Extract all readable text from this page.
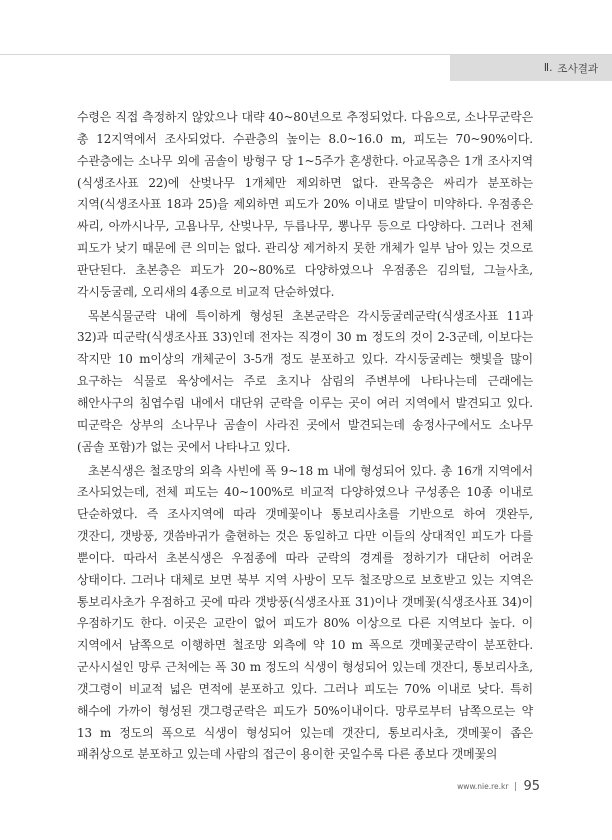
Ⅱ. 조사결과
수령은 직접 측정하지 않았으나 대략 40~80년으로 추정되었다. 다음으로, 소나무군락은
총 12지역에서 조사되었다. 수관층의 높이는 8.0~16.0 m, 피도는 70~90%이다.
수관층에는 소나무 외에 곰솔이 방형구 당 1~5주가 혼생한다. 아교목층은 1개 조사지역
(식생조사표 22)에 산벚나무 1개체만 제외하면 없다. 관목층은 싸리가 분포하는
지역(식생조사표 18과 25)을 제외하면 피도가 20% 이내로 발달이 미약하다. 우점종은
싸리, 아까시나무, 고욤나무, 산벚나무, 두릅나무, 뽕나무 등으로 다양하다. 그러나 전체
피도가 낮기 때문에 큰 의미는 없다. 관리상 제거하지 못한 개체가 일부 남아 있는 것으로
판단된다. 초본층은 피도가 20~80%로 다양하였으나 우점종은 김의털, 그늘사초,
각시둥굴레, 오리새의 4종으로 비교적 단순하였다.
목본식물군락 내에 특이하게 형성된 초본군락은 각시둥굴레군락(식생조사표 11과
32)과 띠군락(식생조사표 33)인데 전자는 직경이 30 m 정도의 것이 2-3군데, 이보다는
작지만 10 m이상의 개체군이 3-5개 정도 분포하고 있다. 각시둥굴레는 햇빛을 많이
요구하는 식물로 육상에서는 주로 초지나 삼림의 주변부에 나타나는데 근래에는
해안사구의 침엽수림 내에서 대단위 군락을 이루는 곳이 여러 지역에서 발견되고 있다.
띠군락은 상부의 소나무나 곰솔이 사라진 곳에서 발견되는데 송정사구에서도 소나무
(곰솔 포함)가 없는 곳에서 나타나고 있다.
초본식생은 철조망의 외측 사빈에 폭 9~18 m 내에 형성되어 있다. 총 16개 지역에서
조사되었는데, 전체 피도는 40~100%로 비교적 다양하였으나 구성종은 10종 이내로
단순하였다. 즉 조사지역에 따라 갯메꽃이나 통보리사초를 기반으로 하여 갯완두,
갯잔디, 갯방풍, 갯씀바귀가 출현하는 것은 동일하고 다만 이들의 상대적인 피도가 다를
뿐이다. 따라서 초본식생은 우점종에 따라 군락의 경계를 정하기가 대단히 어려운
상태이다. 그러나 대체로 보면 북부 지역 사방이 모두 철조망으로 보호받고 있는 지역은
통보리사초가 우점하고 곳에 따라 갯방풍(식생조사표 31)이나 갯메꽃(식생조사표 34)이
우점하기도 한다. 이곳은 교란이 없어 피도가 80% 이상으로 다른 지역보다 높다. 이
지역에서 남쪽으로 이행하면 철조망 외측에 약 10 m 폭으로 갯메꽃군락이 분포한다.
군사시설인 망루 근처에는 폭 30 m 정도의 식생이 형성되어 있는데 갯잔디, 통보리사초,
갯그령이 비교적 넓은 면적에 분포하고 있다. 그러나 피도는 70% 이내로 낮다. 특히
해수에 가까이 형성된 갯그령군락은 피도가 50%이내이다. 망루로부터 남쪽으로는 약
13 m 정도의 폭으로 식생이 형성되어 있는데 갯잔디, 통보리사초, 갯메꽃이 좁은
패취상으로 분포하고 있는데 사람의 접근이 용이한 곳일수록 다른 종보다 갯메꽃의
www.nie.re.kr 95
